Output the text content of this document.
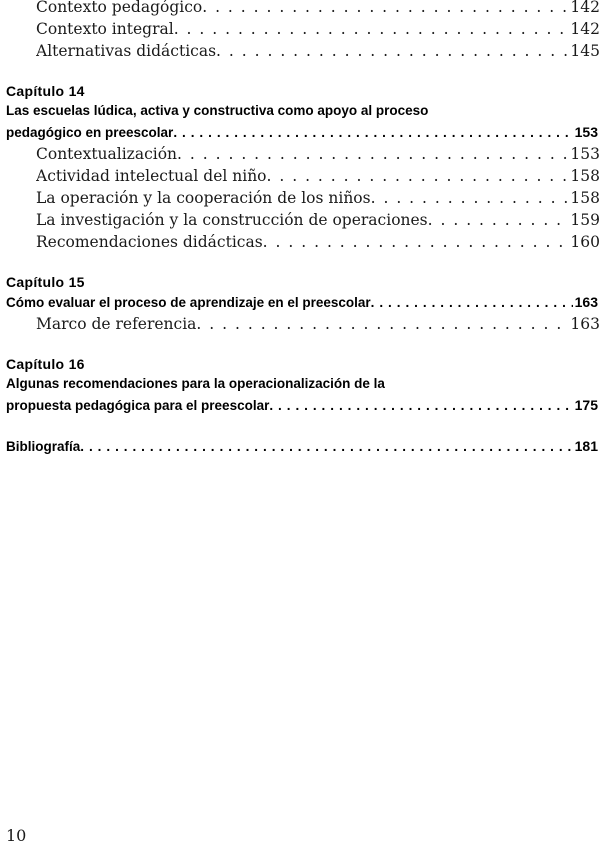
Contexto pedagógico . . .	142
Contexto integral . . .	142
Alternativas didácticas . . .	145
Capítulo 14
Las escuelas lúdica, activa y constructiva como apoyo al proceso
pedagógico en preescolar . . .	153
Contextualización . . .	153
Actividad intelectual del niño . . .	158
La operación y la cooperación de los niños . . .	158
La investigación y la construcción de operaciones . . .	159
Recomendaciones didácticas . . .	160
Capítulo 15
Cómo evaluar el proceso de aprendizaje en el preescolar . . .	163
Marco de referencia . . .	163
Capítulo 16
Algunas recomendaciones para la operacionalización de la
propuesta pedagógica para el preescolar . . .	175
Bibliografía . . .	181
10
